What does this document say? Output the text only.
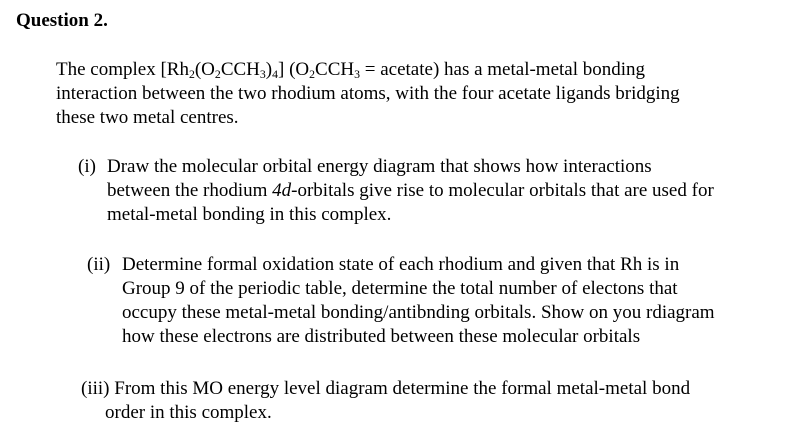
Question 2.
The complex $[Rh_2(O_2CCH_3)_4] (O_2CCH_3$ = acetate) has a metal-metal bonding
interaction between the two rhodium atoms, with the four acetate ligands bridging
these two metal centres.
(i) Draw the molecular orbital energy diagram that shows how interactions
between the rhodium 4d-orbitals give rise to molecular orbitals that are used for
metal-metal bonding in this complex.
(ii) Determine formal oxidation state of each rhodium and given that Rh is in
Group 9 of the periodic table, determine the total number of electons that
occupy these metal-metal bonding/antibnding orbitals. Show on you rdiagram
how these electrons are distributed between these molecular orbitals
(iii) From this MO energy level diagram determine the formal metal-metal bond
order in this complex.
